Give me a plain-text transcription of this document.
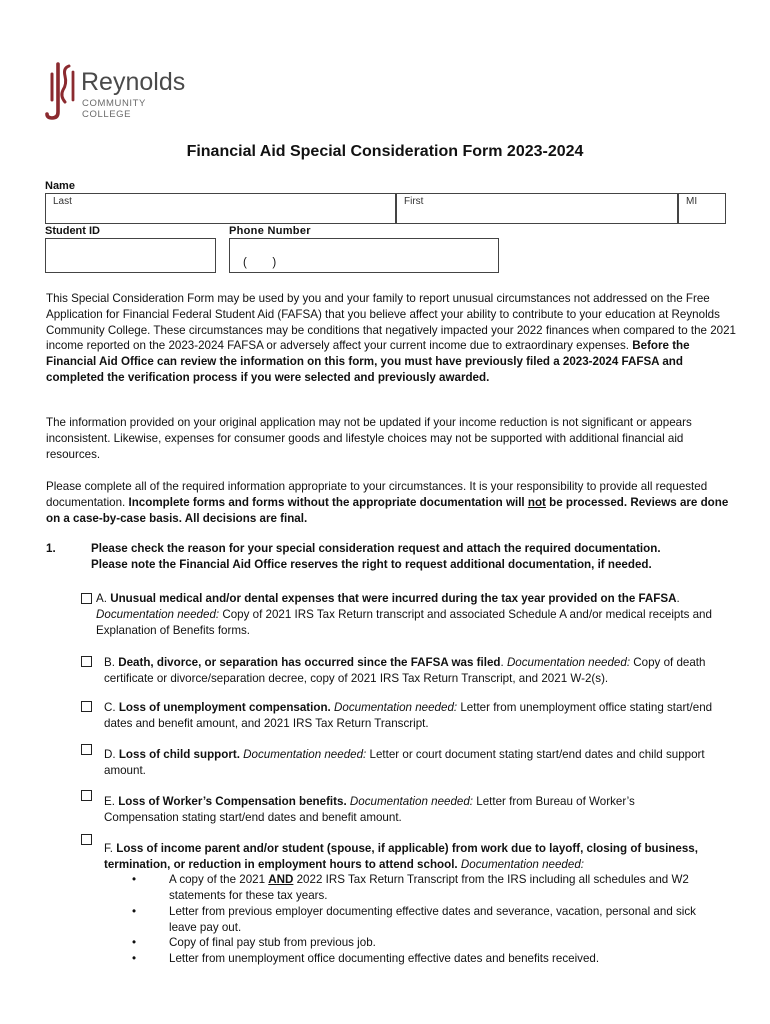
Reynolds
COMMUNITY COLLEGE
Financial Aid Special Consideration Form 2023-2024
Name
Last	First	MI
Student ID	Phone Number
(        )
This Special Consideration Form may be used by you and your family to report unusual circumstances not addressed on the Free Application for Financial Federal Student Aid (FAFSA) that you believe affect your ability to contribute to your education at Reynolds Community College. These circumstances may be conditions that negatively impacted your 2022 finances when compared to the 2021 income reported on the 2023-2024 FAFSA or adversely affect your current income due to extraordinary expenses. Before the Financial Aid Office can review the information on this form, you must have previously filed a 2023-2024 FAFSA and completed the verification process if you were selected and previously awarded.
The information provided on your original application may not be updated if your income reduction is not significant or appears inconsistent. Likewise, expenses for consumer goods and lifestyle choices may not be supported with additional financial aid resources.
Please complete all of the required information appropriate to your circumstances. It is your responsibility to provide all requested documentation. Incomplete forms and forms without the appropriate documentation will not be processed. Reviews are done on a case-by-case basis. All decisions are final.
1.	Please check the reason for your special consideration request and attach the required documentation.
Please note the Financial Aid Office reserves the right to request additional documentation, if needed.
A. Unusual medical and/or dental expenses that were incurred during the tax year provided on the FAFSA. Documentation needed: Copy of 2021 IRS Tax Return transcript and associated Schedule A and/or medical receipts and Explanation of Benefits forms.
B. Death, divorce, or separation has occurred since the FAFSA was filed. Documentation needed: Copy of death certificate or divorce/separation decree, copy of 2021 IRS Tax Return Transcript, and 2021 W-2(s).
C. Loss of unemployment compensation. Documentation needed: Letter from unemployment office stating start/end dates and benefit amount, and 2021 IRS Tax Return Transcript.
D. Loss of child support. Documentation needed: Letter or court document stating start/end dates and child support amount.
E. Loss of Worker’s Compensation benefits. Documentation needed: Letter from Bureau of Worker’s Compensation stating start/end dates and benefit amount.
F. Loss of income parent and/or student (spouse, if applicable) from work due to layoff, closing of business, termination, or reduction in employment hours to attend school. Documentation needed:
•	A copy of the 2021 AND 2022 IRS Tax Return Transcript from the IRS including all schedules and W2 statements for these tax years.
•	Letter from previous employer documenting effective dates and severance, vacation, personal and sick leave pay out.
•	Copy of final pay stub from previous job.
•	Letter from unemployment office documenting effective dates and benefits received.
